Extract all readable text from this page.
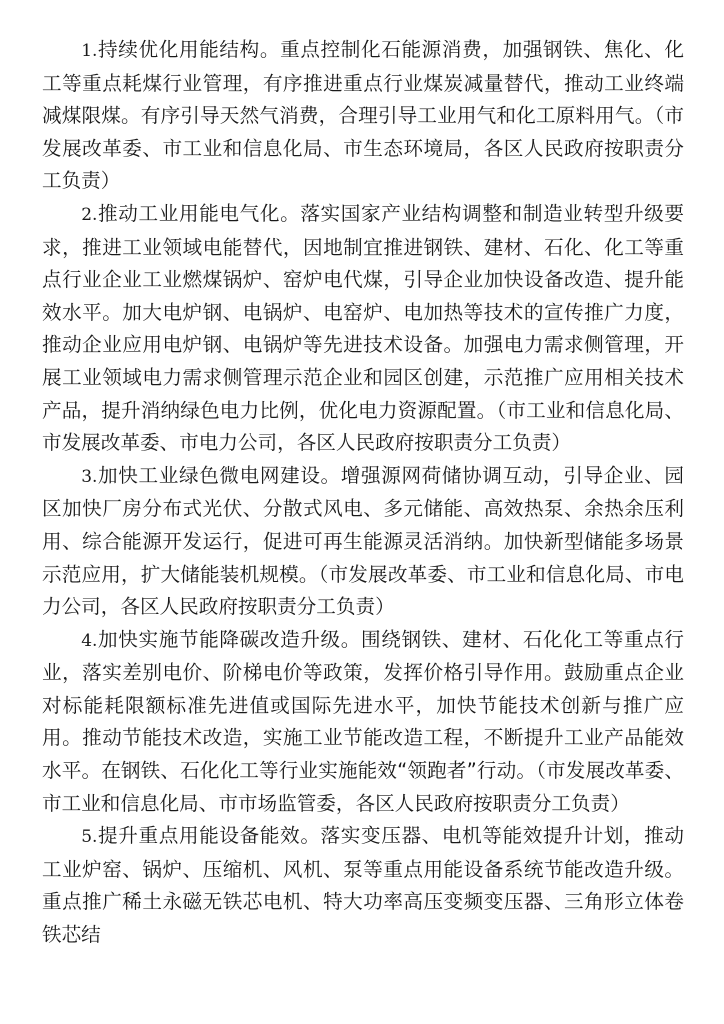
1.持续优化用能结构。重点控制化石能源消费，加强钢铁、焦化、化工等重点耗煤行业管理，有序推进重点行业煤炭减量替代，推动工业终端减煤限煤。有序引导天然气消费，合理引导工业用气和化工原料用气。（市发展改革委、市工业和信息化局、市生态环境局，各区人民政府按职责分工负责）

2.推动工业用能电气化。落实国家产业结构调整和制造业转型升级要求，推进工业领域电能替代，因地制宜推进钢铁、建材、石化、化工等重点行业企业工业燃煤锅炉、窑炉电代煤，引导企业加快设备改造、提升能效水平。加大电炉钢、电锅炉、电窑炉、电加热等技术的宣传推广力度，推动企业应用电炉钢、电锅炉等先进技术设备。加强电力需求侧管理，开展工业领域电力需求侧管理示范企业和园区创建，示范推广应用相关技术产品，提升消纳绿色电力比例，优化电力资源配置。（市工业和信息化局、市发展改革委、市电力公司，各区人民政府按职责分工负责）

3.加快工业绿色微电网建设。增强源网荷储协调互动，引导企业、园区加快厂房分布式光伏、分散式风电、多元储能、高效热泵、余热余压利用、综合能源开发运行，促进可再生能源灵活消纳。加快新型储能多场景示范应用，扩大储能装机规模。（市发展改革委、市工业和信息化局、市电力公司，各区人民政府按职责分工负责）

4.加快实施节能降碳改造升级。围绕钢铁、建材、石化化工等重点行业，落实差别电价、阶梯电价等政策，发挥价格引导作用。鼓励重点企业对标能耗限额标准先进值或国际先进水平，加快节能技术创新与推广应用。推动节能技术改造，实施工业节能改造工程，不断提升工业产品能效水平。在钢铁、石化化工等行业实施能效“领跑者”行动。（市发展改革委、市工业和信息化局、市市场监管委，各区人民政府按职责分工负责）

5.提升重点用能设备能效。落实变压器、电机等能效提升计划，推动工业炉窑、锅炉、压缩机、风机、泵等重点用能设备系统节能改造升级。重点推广稀土永磁无铁芯电机、特大功率高压变频变压器、三角形立体卷铁芯结
